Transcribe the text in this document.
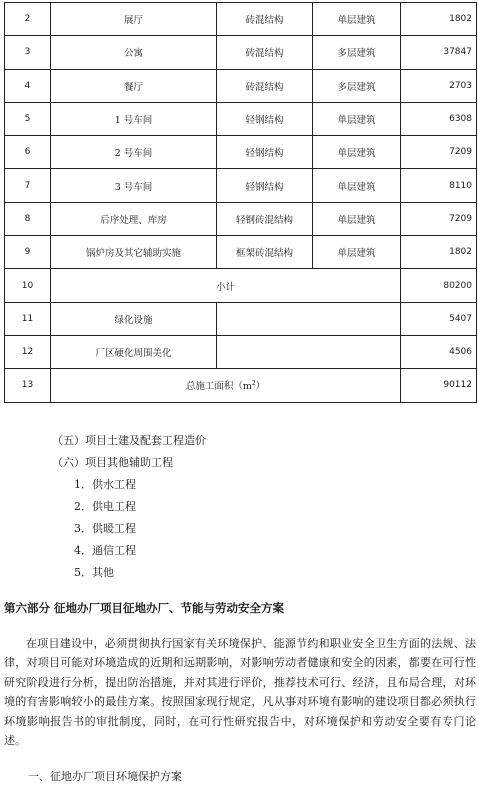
2	展厅	砖混结构	单层建筑	1802
3	公寓	砖混结构	多层建筑	37847
4	餐厅	砖混结构	多层建筑	2703
5	1 号车间	轻钢结构	单层建筑	6308
6	2 号车间	轻钢结构	单层建筑	7209
7	3 号车间	轻钢结构	单层建筑	8110
8	后序处理、库房	轻钢砖混结构	单层建筑	7209
9	锅炉房及其它辅助实施	框架砖混结构	单层建筑	1802
10	小计			80200
11	绿化设施			5407
12	厂区硬化周围美化			4506
13	总施工面积$(m^2)$			90112
（五）项目土建及配套工程造价
（六）项目其他辅助工程
1．供水工程
2．供电工程
3．供暖工程
4．通信工程
5．其他
第六部分 征地办厂项目征地办厂、节能与劳动安全方案

在项目建设中，必须贯彻执行国家有关环境保护、能源节约和职业安全卫生方面的法规、法律，对项目可能对环境造成的近期和远期影响，对影响劳动者健康和安全的因素，都要在可行性研究阶段进行分析，提出防治措施，并对其进行评价，推荐技术可行、经济，且布局合理，对环境的有害影响较小的最佳方案。按照国家现行规定，凡从事对环境有影响的建设项目都必须执行环境影响报告书的审批制度，同时，在可行性研究报告中，对环境保护和劳动安全要有专门论述。

一、征地办厂项目环境保护方案
